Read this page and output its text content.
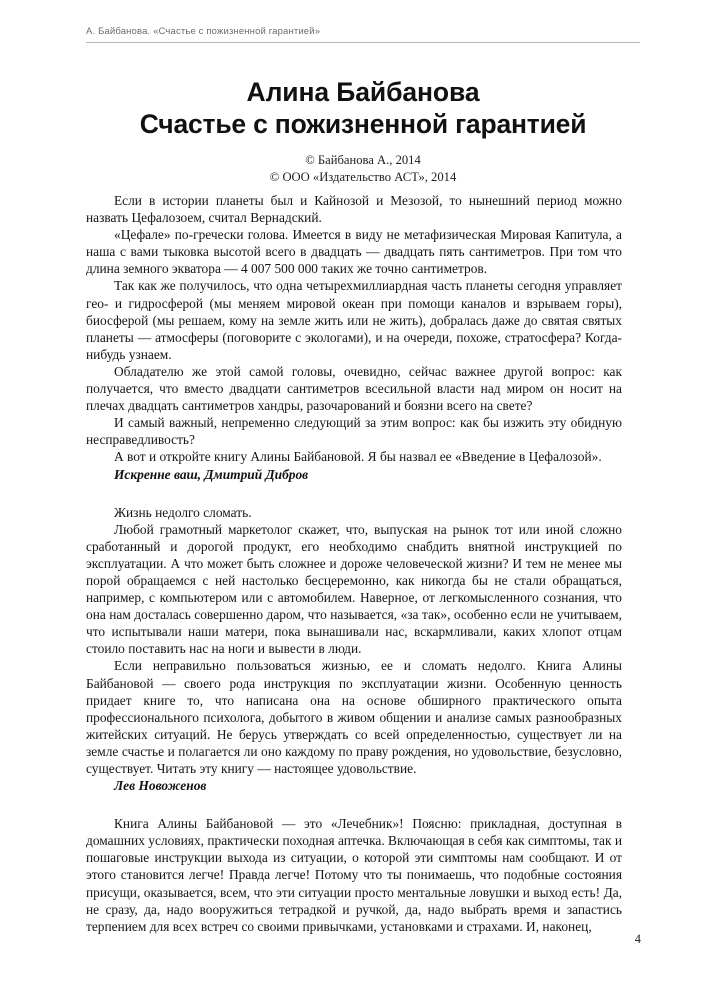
А. Байбанова. «Счастье с пожизненной гарантией»
Алина Байбанова
Счастье с пожизненной гарантией
© Байбанова А., 2014
© ООО «Издательство АСТ», 2014

Если в истории планеты был и Кайнозой и Мезозой, то нынешний период можно назвать Цефалозоем, считал Вернадский.

«Цефале» по-гречески голова. Имеется в виду не метафизическая Мировая Капитула, а наша с вами тыковка высотой всего в двадцать — двадцать пять сантиметров. При том что длина земного экватора — 4 007 500 000 таких же точно сантиметров.

Так как же получилось, что одна четырехмиллиардная часть планеты сегодня управляет гео- и гидросферой (мы меняем мировой океан при помощи каналов и взрываем горы), биосферой (мы решаем, кому на земле жить или не жить), добралась даже до святая святых планеты — атмосферы (поговорите с экологами), и на очереди, похоже, стратосфера? Когда-нибудь узнаем.

Обладателю же этой самой головы, очевидно, сейчас важнее другой вопрос: как получается, что вместо двадцати сантиметров всесильной власти над миром он носит на плечах двадцать сантиметров хандры, разочарований и боязни всего на свете?

И самый важный, непременно следующий за этим вопрос: как бы изжить эту обидную несправедливость?

А вот и откройте книгу Алины Байбановой. Я бы назвал ее «Введение в Цефалозой».

Искренне ваш, Дмитрий Дибров

Жизнь недолго сломать.

Любой грамотный маркетолог скажет, что, выпуская на рынок тот или иной сложно сработанный и дорогой продукт, его необходимо снабдить внятной инструкцией по эксплуатации. А что может быть сложнее и дороже человеческой жизни? И тем не менее мы порой обращаемся с ней настолько бесцеремонно, как никогда бы не стали обращаться, например, с компьютером или с автомобилем. Наверное, от легкомысленного сознания, что она нам досталась совершенно даром, что называется, «за так», особенно если не учитываем, что испытывали наши матери, пока вынашивали нас, вскармливали, каких хлопот отцам стоило поставить нас на ноги и вывести в люди.

Если неправильно пользоваться жизнью, ее и сломать недолго. Книга Алины Байбановой — своего рода инструкция по эксплуатации жизни. Особенную ценность придает книге то, что написана она на основе обширного практического опыта профессионального психолога, добытого в живом общении и анализе самых разнообразных житейских ситуаций. Не берусь утверждать со всей определенностью, существует ли на земле счастье и полагается ли оно каждому по праву рождения, но удовольствие, безусловно, существует. Читать эту книгу — настоящее удовольствие.

Лев Новоженов

Книга Алины Байбановой — это «Лечебник»! Поясню: прикладная, доступная в домашних условиях, практически походная аптечка. Включающая в себя как симптомы, так и пошаговые инструкции выхода из ситуации, о которой эти симптомы нам сообщают. И от этого становится легче! Правда легче! Потому что ты понимаешь, что подобные состояния присущи, оказывается, всем, что эти ситуации просто ментальные ловушки и выход есть! Да, не сразу, да, надо вооружиться тетрадкой и ручкой, да, надо выбрать время и запастись терпением для всех встреч со своими привычками, установками и страхами. И, наконец,

4
